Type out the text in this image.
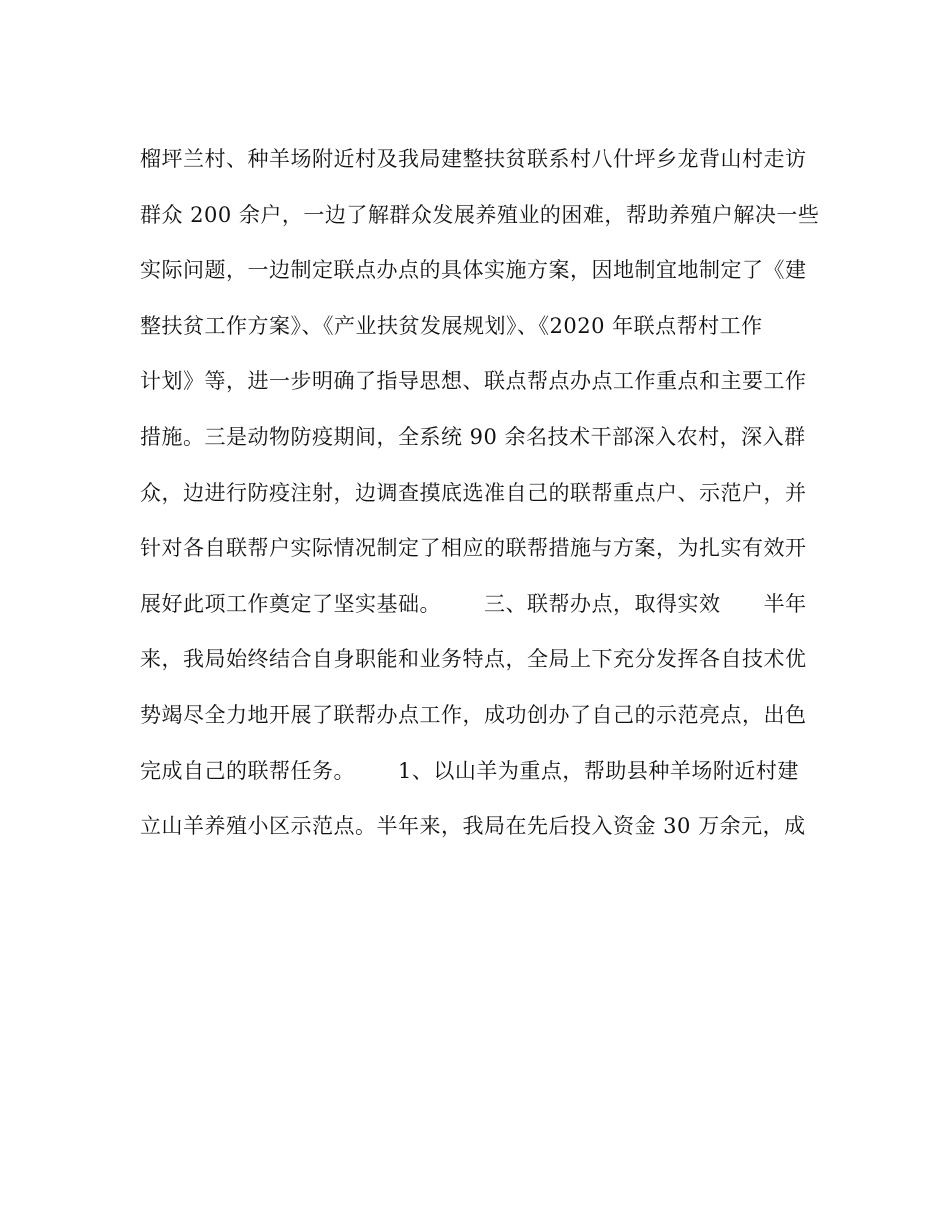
榴坪兰村、种羊场附近村及我局建整扶贫联系村八什坪乡龙背山村走访
群众 200 余户，一边了解群众发展养殖业的困难，帮助养殖户解决一些
实际问题，一边制定联点办点的具体实施方案，因地制宜地制定了《建
整扶贫工作方案》、《产业扶贫发展规划》、《2020 年联点帮村工作
计划》等，进一步明确了指导思想、联点帮点办点工作重点和主要工作
措施。三是动物防疫期间，全系统 90 余名技术干部深入农村，深入群
众，边进行防疫注射，边调查摸底选准自己的联帮重点户、示范户，并
针对各自联帮户实际情况制定了相应的联帮措施与方案，为扎实有效开
展好此项工作奠定了坚实基础。      三、联帮办点，取得实效      半年
来，我局始终结合自身职能和业务特点，全局上下充分发挥各自技术优
势竭尽全力地开展了联帮办点工作，成功创办了自己的示范亮点，出色
完成自己的联帮任务。      1、以山羊为重点，帮助县种羊场附近村建
立山羊养殖小区示范点。半年来，我局在先后投入资金 30 万余元，成
